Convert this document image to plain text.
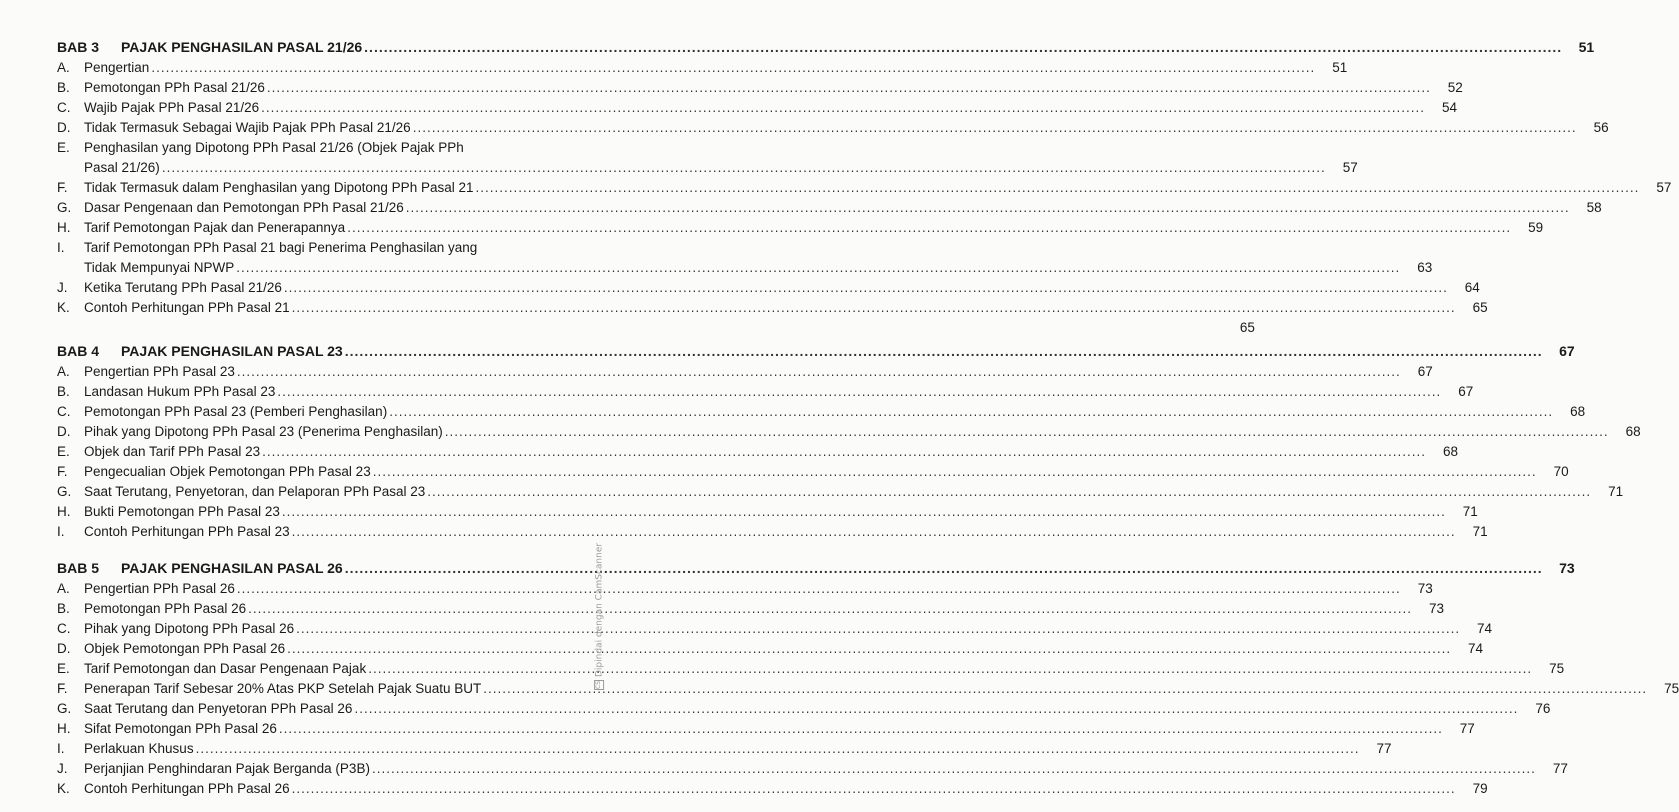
BAB 3	PAJAK PENGHASILAN PASAL 21/26 .....	51
A.	Pengertian .....	51
B.	Pemotongan PPh Pasal 21/26 .....	52
C.	Wajib Pajak PPh Pasal 21/26 .....	54
D.	Tidak Termasuk Sebagai Wajib Pajak PPh Pasal 21/26 .....	56
E.	Penghasilan yang Dipotong PPh Pasal 21/26 (Objek Pajak PPh
Pasal 21/26) .....	57
F.	Tidak Termasuk dalam Penghasilan yang Dipotong PPh Pasal 21 .....	57
G. Dasar Pengenaan dan Pemotongan PPh Pasal 21/26 .....	58
H.	Tarif Pemotongan Pajak dan Penerapannya .....	59
I.	Tarif Pemotongan PPh Pasal 21 bagi Penerima Penghasilan yang
Tidak Mempunyai NPWP .....	63
J.	Ketika Terutang PPh Pasal 21/26 .....	64
K.	Contoh Perhitungan PPh Pasal 21 .....	65
65
BAB 4	PAJAK PENGHASILAN PASAL 23 .....	67
A.	Pengertian PPh Pasal 23 .....	67
B.	Landasan Hukum PPh Pasal 23 .....	67
C.	Pemotongan PPh Pasal 23 (Pemberi Penghasilan) .....	68
D.	Pihak yang Dipotong PPh Pasal 23 (Penerima Penghasilan) .....	68
E.	Objek dan Tarif PPh Pasal 23 .....	68
F.	Pengecualian Objek Pemotongan PPh Pasal 23 .....	70
G. Saat Terutang, Penyetoran, dan Pelaporan PPh Pasal 23 .....	71
H.	Bukti Pemotongan PPh Pasal 23 .....	71
I.	Contoh Perhitungan PPh Pasal 23 .....	71
BAB 5	PAJAK PENGHASILAN PASAL 26 .....	73
A.	Pengertian PPh Pasal 26 .....	73
B.	Pemotongan PPh Pasal 26 .....	73
C.	Pihak yang Dipotong PPh Pasal 26 .....	74
D.	Objek Pemotongan PPh Pasal 26 .....	74
E.	Tarif Pemotongan dan Dasar Pengenaan Pajak .....	75
F.	Penerapan Tarif Sebesar 20% Atas PKP Setelah Pajak Suatu BUT .....	75
G. Saat Terutang dan Penyetoran PPh Pasal 26 .....	76
H.	Sifat Pemotongan PPh Pasal 26 .....	77
I.	Perlakuan Khusus .....	77
J.	Perjanjian Penghindaran Pajak Berganda (P3B) .....	77
K.	Contoh Perhitungan PPh Pasal 26 .....	79
CSDipindai dengan CamScanner
